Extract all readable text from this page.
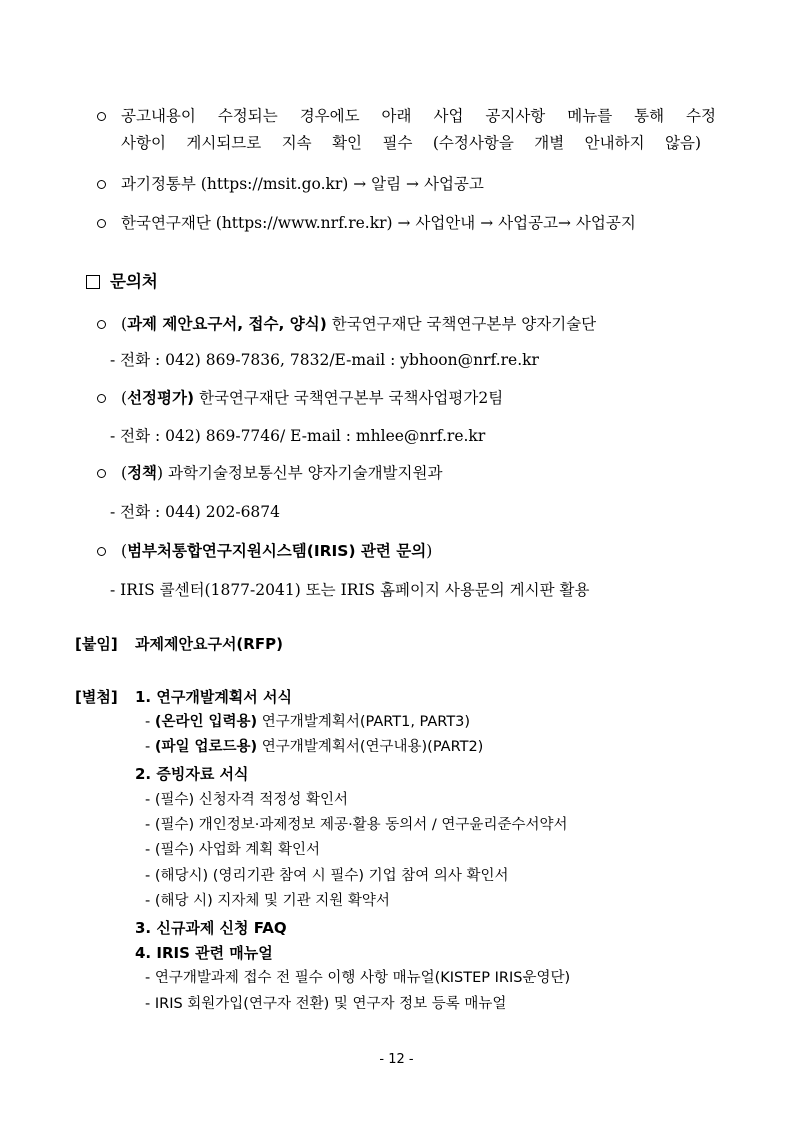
공고내용이 수정되는 경우에도 아래 사업 공지사항 메뉴를 통해 수정
사항이 게시되므로 지속 확인 필수 (수정사항을 개별 안내하지 않음)
과기정통부 (https://msit.go.kr) → 알림 → 사업공고
한국연구재단 (https://www.nrf.re.kr) → 사업안내 → 사업공고→ 사업공지
문의처
(과제 제안요구서, 접수, 양식) 한국연구재단 국책연구본부 양자기술단
- 전화 : 042) 869-7836, 7832/E-mail : ybhoon@nrf.re.kr
(선정평가) 한국연구재단 국책연구본부 국책사업평가2팀
- 전화 : 042) 869-7746/ E-mail : mhlee@nrf.re.kr
(정책) 과학기술정보통신부 양자기술개발지원과
- 전화 : 044) 202-6874
(범부처통합연구지원시스템(IRIS) 관련 문의)
- IRIS 콜센터(1877-2041) 또는 IRIS 홈페이지 사용문의 게시판 활용
[붙임] 과제제안요구서(RFP)
[별첨] 1. 연구개발계획서 서식
- (온라인 입력용) 연구개발계획서(PART1, PART3)
- (파일 업로드용) 연구개발계획서(연구내용)(PART2)
2. 증빙자료 서식
- (필수) 신청자격 적정성 확인서
- (필수) 개인정보·과제정보 제공·활용 동의서 / 연구윤리준수서약서
- (필수) 사업화 계획 확인서
- (해당시) (영리기관 참여 시 필수) 기업 참여 의사 확인서
- (해당 시) 지자체 및 기관 지원 확약서
3. 신규과제 신청 FAQ
4. IRIS 관련 매뉴얼
- 연구개발과제 접수 전 필수 이행 사항 매뉴얼(KISTEP IRIS운영단)
- IRIS 회원가입(연구자 전환) 및 연구자 정보 등록 매뉴얼
- 12 -
